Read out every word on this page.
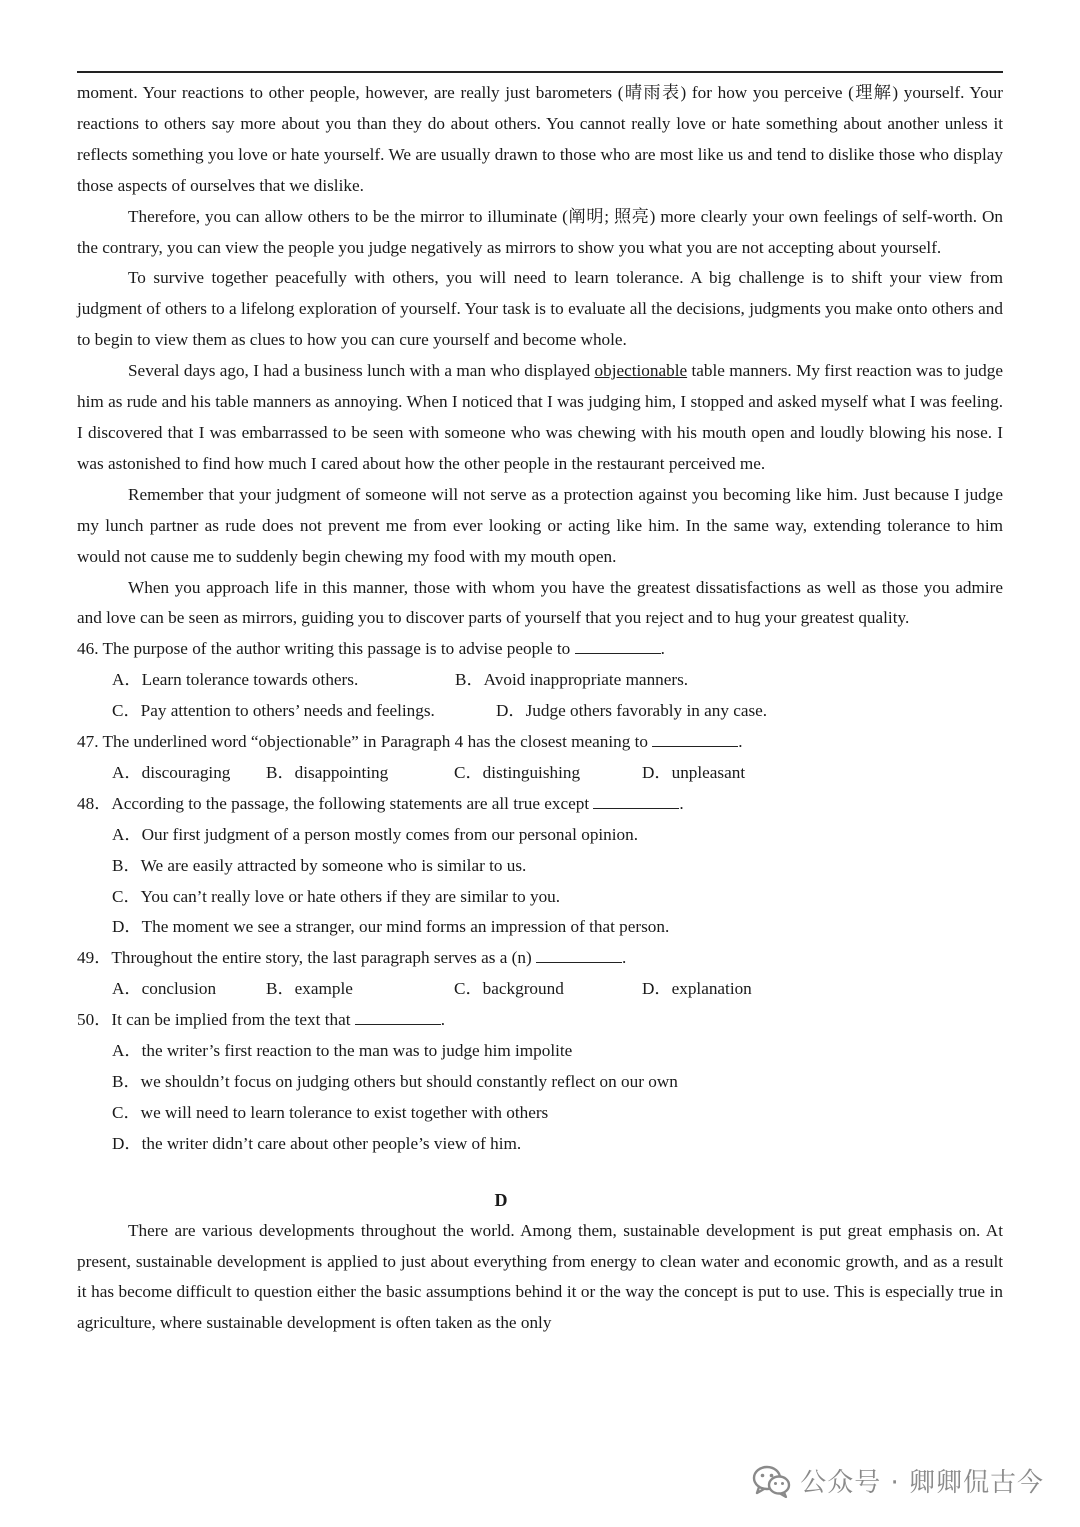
moment. Your reactions to other people, however, are really just barometers (晴雨表) for how you perceive (理解) yourself. Your reactions to others say more about you than they do about others. You cannot really love or hate something about another unless it reflects something you love or hate yourself. We are usually drawn to those who are most like us and tend to dislike those who display those aspects of ourselves that we dislike.

Therefore, you can allow others to be the mirror to illuminate (阐明; 照亮) more clearly your own feelings of self-worth. On the contrary, you can view the people you judge negatively as mirrors to show you what you are not accepting about yourself.

To survive together peacefully with others, you will need to learn tolerance. A big challenge is to shift your view from judgment of others to a lifelong exploration of yourself. Your task is to evaluate all the decisions, judgments you make onto others and to begin to view them as clues to how you can cure yourself and become whole.

Several days ago, I had a business lunch with a man who displayed objectionable table manners. My first reaction was to judge him as rude and his table manners as annoying. When I noticed that I was judging him, I stopped and asked myself what I was feeling. I discovered that I was embarrassed to be seen with someone who was chewing with his mouth open and loudly blowing his nose. I was astonished to find how much I cared about how the other people in the restaurant perceived me.

Remember that your judgment of someone will not serve as a protection against you becoming like him. Just because I judge my lunch partner as rude does not prevent me from ever looking or acting like him. In the same way, extending tolerance to him would not cause me to suddenly begin chewing my food with my mouth open.

When you approach life in this manner, those with whom you have the greatest dissatisfactions as well as those you admire and love can be seen as mirrors, guiding you to discover parts of yourself that you reject and to hug your greatest quality.

46. The purpose of the author writing this passage is to advise people to	.

A．Learn tolerance towards others.	B．Avoid inappropriate manners.
C．Pay attention to others’ needs and feelings.	D．Judge others favorably in any case.

47. The underlined word “objectionable” in Paragraph 4 has the closest meaning to	.

A．discouraging	B．disappointing	C．distinguishing	D．unpleasant

48．According to the passage, the following statements are all true except	.

A．Our first judgment of a person mostly comes from our personal opinion.

B．We are easily attracted by someone who is similar to us.

C．You can’t really love or hate others if they are similar to you.

D．The moment we see a stranger, our mind forms an impression of that person.

49．Throughout the entire story, the last paragraph serves as a (n)	.

A．conclusion	B．example	C．background	D．explanation

50．It can be implied from the text that	.

A．the writer’s first reaction to the man was to judge him impolite

B．we shouldn’t focus on judging others but should constantly reflect on our own

C．we will need to learn tolerance to exist together with others

D．the writer didn’t care about other people’s view of him.

D

There are various developments throughout the world. Among them, sustainable development is put great emphasis on. At present, sustainable development is applied to just about everything from energy to clean water and economic growth, and as a result it has become difficult to question either the basic assumptions behind it or the way the concept is put to use. This is especially true in agriculture, where sustainable development is often taken as the only

公众号 · 卿卿侃古今
